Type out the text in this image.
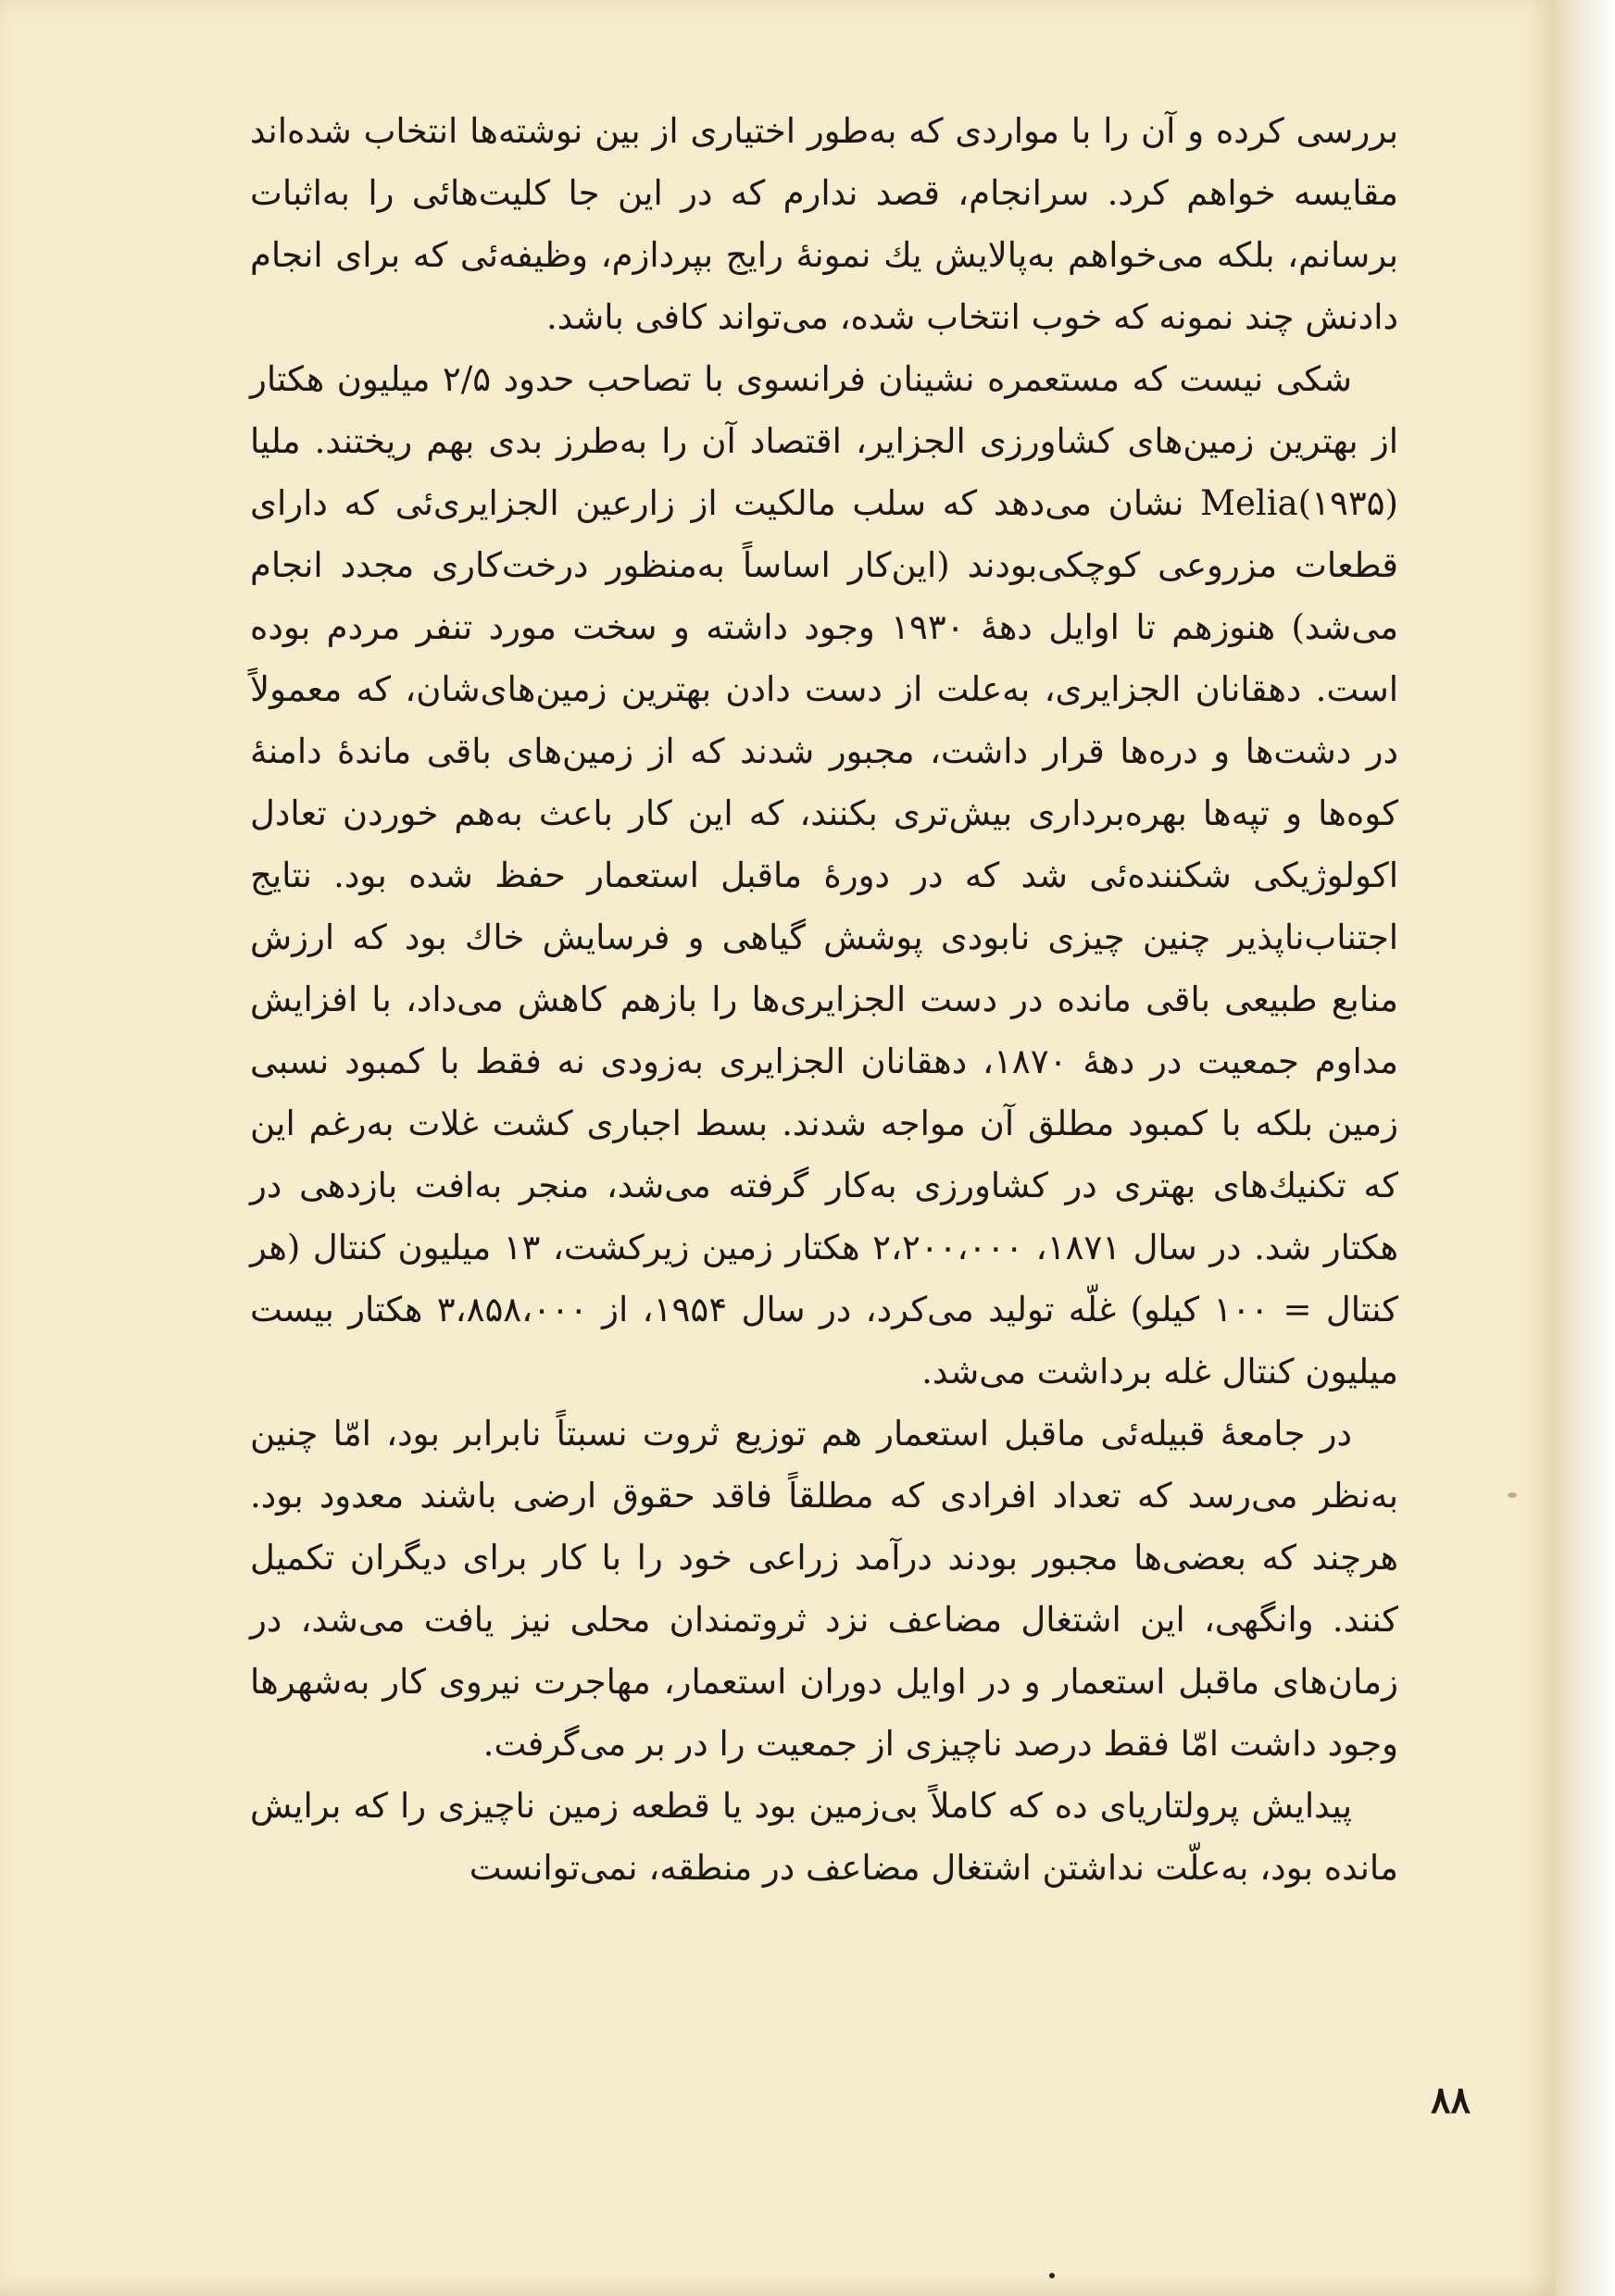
بررسی کرده و آن را با مواردی که به‌طور اختیاری از بین نوشته‌ها انتخاب شده‌اند مقایسه خواهم کرد. سرانجام، قصد ندارم که در این جا کلیت‌هائی را به‌اثبات برسانم، بلکه می‌خواهم به‌پالایش یك نمونهٔ رایج بپردازم، وظیفه‌ئی که برای انجام دادنش چند نمونه که خوب انتخاب شده، می‌تواند کافی باشد.

شکی نیست که مستعمره نشینان فرانسوی با تصاحب حدود ۲/۵ میلیون هکتار از بهترین زمین‌های کشاورزی الجزایر، اقتصاد آن را به‌طرز بدی بهم ریختند. ملیا Melia(۱۹۳۵) نشان می‌دهد که سلب مالکیت از زارعین الجزایری‌ئی که دارای قطعات مزروعی کوچکی‌بودند (این‌کار اساساً به‌منظور درخت‌کاری مجدد انجام می‌شد) هنوزهم تا اوایل دههٔ ۱۹۳۰ وجود داشته و سخت مورد تنفر مردم بوده است. دهقانان الجزایری، به‌علت از دست دادن بهترین زمین‌های‌شان، که معمولاً در دشت‌ها و دره‌ها قرار داشت، مجبور شدند که از زمین‌های باقی ماندهٔ دامنهٔ کوه‌ها و تپه‌ها بهره‌برداری بیش‌تری بکنند، که این کار باعث به‌هم خوردن تعادل اکولوژیکی شکننده‌ئی شد که در دورهٔ ماقبل استعمار حفظ شده بود. نتایج اجتناب‌ناپذیر چنین چیزی نابودی پوشش گیاهی و فرسایش خاك بود که ارزش منابع طبیعی باقی مانده در دست الجزایری‌ها را بازهم کاهش می‌داد، با افزایش مداوم جمعیت در دههٔ ۱۸۷۰، دهقانان الجزایری به‌زودی نه فقط با کمبود نسبی زمین بلکه با کمبود مطلق آن مواجه شدند. بسط اجباری کشت غلات به‌رغم این که تکنیك‌های بهتری در کشاورزی به‌کار گرفته می‌شد، منجر به‌افت بازدهی در هکتار شد. در سال ۱۸۷۱، ۲،۲۰۰،۰۰۰ هکتار زمین زیرکشت، ۱۳ میلیون کنتال (هر کنتال = ۱۰۰ کیلو) غلّه تولید می‌کرد، در سال ۱۹۵۴، از ۳،۸۵۸،۰۰۰ هکتار بیست میلیون کنتال غله برداشت می‌شد.

در جامعهٔ قبیله‌ئی ماقبل استعمار هم توزیع ثروت نسبتاً نابرابر بود، امّا چنین به‌نظر می‌رسد که تعداد افرادی که مطلقاً فاقد حقوق ارضی باشند معدود بود. هرچند که بعضی‌ها مجبور بودند درآمد زراعی خود را با کار برای دیگران تکمیل کنند. وانگهی، این اشتغال مضاعف نزد ثروتمندان محلی نیز یافت می‌شد، در زمان‌های ماقبل استعمار و در اوایل دوران استعمار، مهاجرت نیروی کار به‌شهرها وجود داشت امّا فقط درصد ناچیزی از جمعیت را در بر می‌گرفت.

پیدایش پرولتاریای ده که کاملاً بی‌زمین بود یا قطعه زمین ناچیزی را که برایش مانده بود، به‌علّت نداشتن اشتغال مضاعف در منطقه، نمی‌توانست

۸۸
